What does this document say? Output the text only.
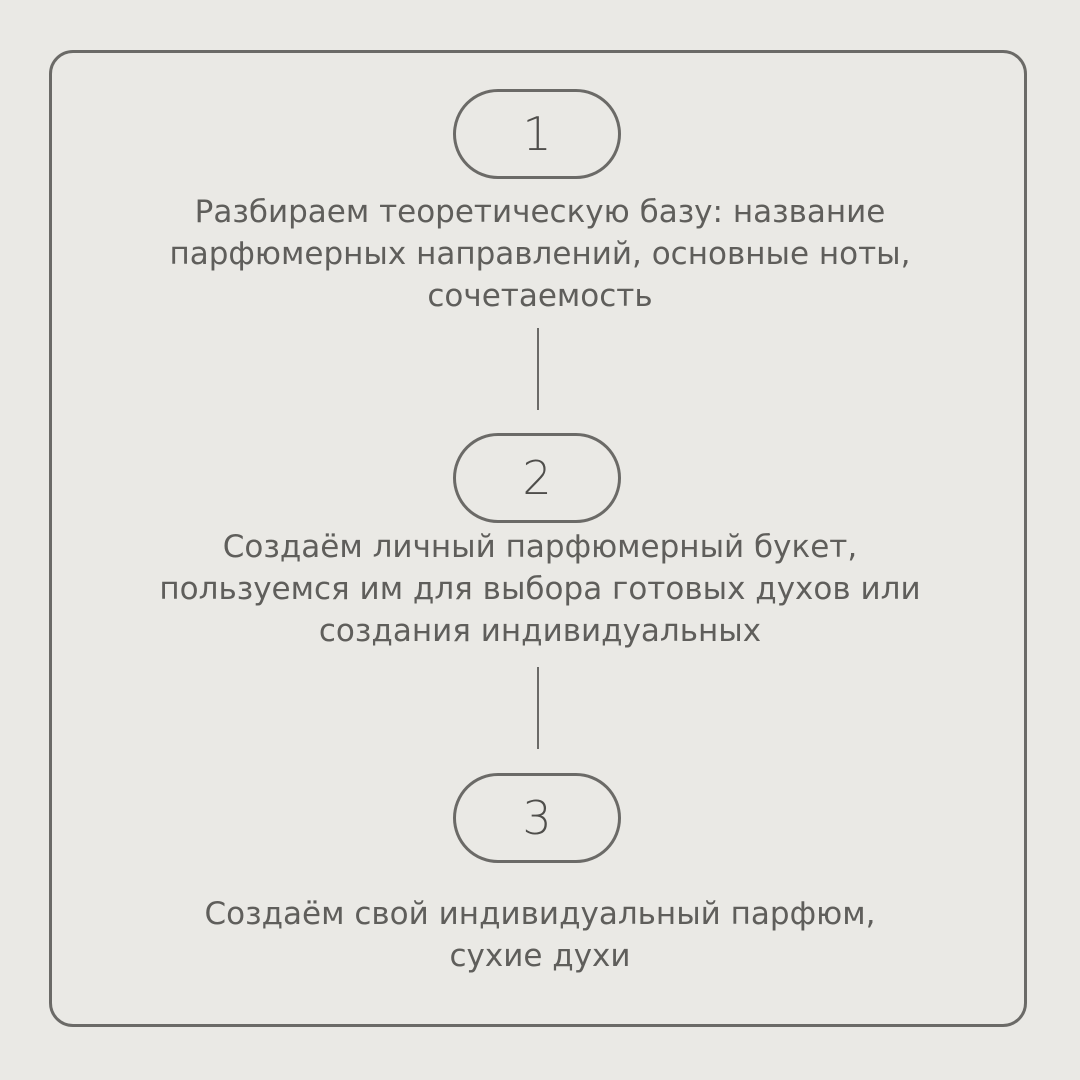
1
Разбираем теоретическую базу: название
парфюмерных направлений, основные ноты,
сочетаемость
2
Создаём личный парфюмерный букет,
пользуемся им для выбора готовых духов или
создания индивидуальных
3
Создаём свой индивидуальный парфюм,
сухие духи
